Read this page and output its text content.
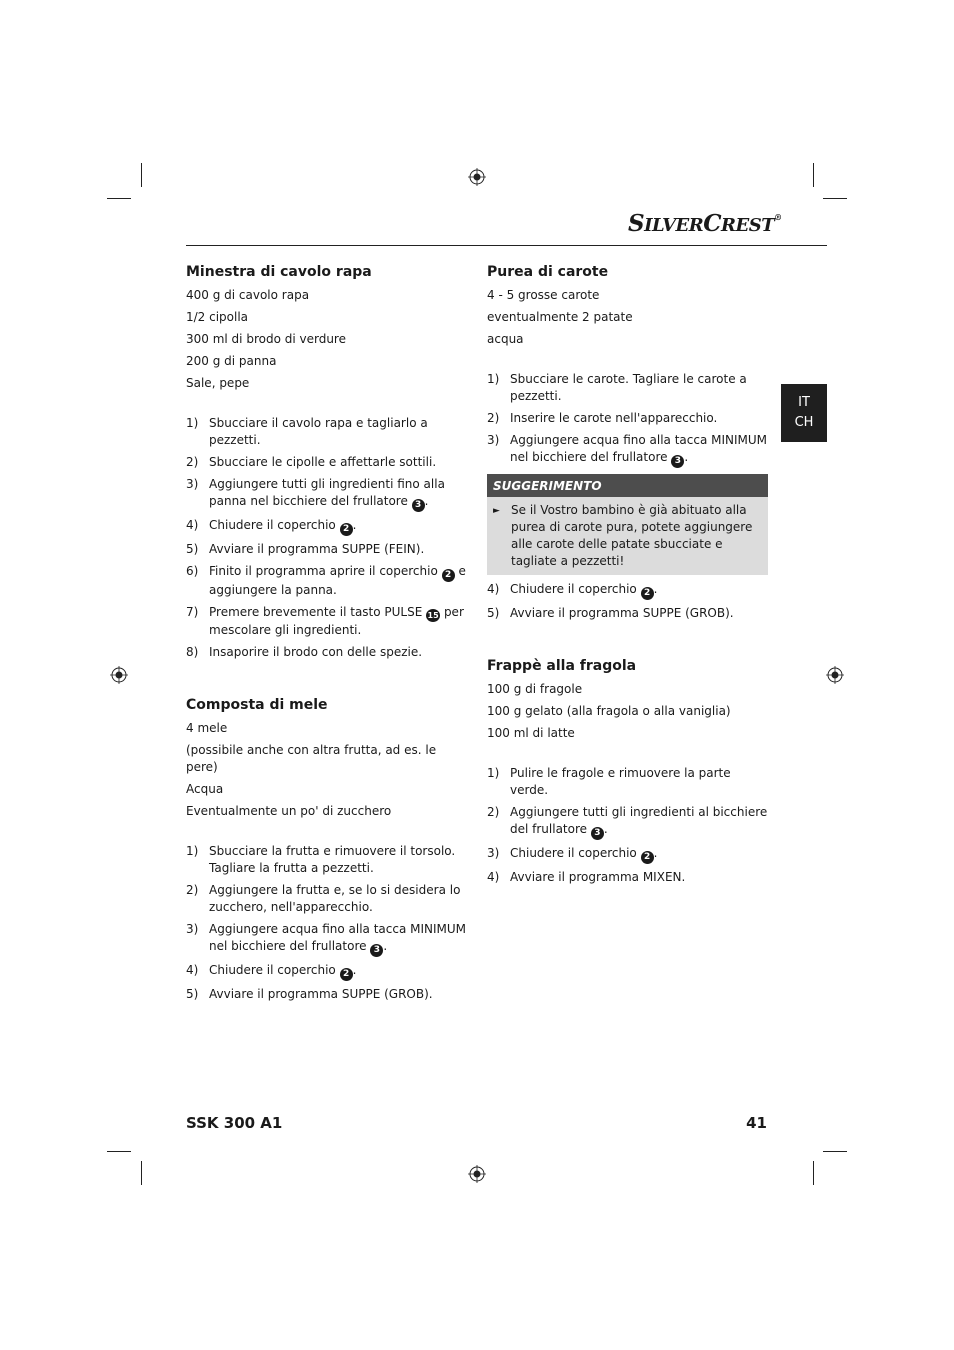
SILVERCREST®
IT
CH
Minestra di cavolo rapa
400 g di cavolo rapa
1/2 cipolla
300 ml di brodo di verdure
200 g di panna
Sale, pepe
1) Sbucciare il cavolo rapa e tagliarlo a pezzetti.
2) Sbucciare le cipolle e affettarle sottili.
3) Aggiungere tutti gli ingredienti fino alla panna nel bicchiere del frullatore 3 .
4) Chiudere il coperchio 2 .
5) Avviare il programma SUPPE (FEIN).
6) Finito il programma aprire il coperchio 2 e aggiungere la panna.
7) Premere brevemente il tasto PULSE 15 per mescolare gli ingredienti.
8) Insaporire il brodo con delle spezie.
Composta di mele
4 mele
(possibile anche con altra frutta, ad es. le pere)
Acqua
Eventualmente un po' di zucchero
1) Sbucciare la frutta e rimuovere il torsolo. Tagliare la frutta a pezzetti.
2) Aggiungere la frutta e, se lo si desidera lo zucchero, nell'apparecchio.
3) Aggiungere acqua fino alla tacca MINIMUM nel bicchiere del frullatore 3 .
4) Chiudere il coperchio 2 .
5) Avviare il programma SUPPE (GROB).
Purea di carote
4 - 5 grosse carote
eventualmente 2 patate
acqua
1) Sbucciare le carote. Tagliare le carote a pezzetti.
2) Inserire le carote nell'apparecchio.
3) Aggiungere acqua fino alla tacca MINIMUM nel bicchiere del frullatore 3 .
SUGGERIMENTO
► Se il Vostro bambino è già abituato alla purea di carote pura, potete aggiungere alle carote delle patate sbucciate e tagliate a pezzetti!
4) Chiudere il coperchio 2 .
5) Avviare il programma SUPPE (GROB).
Frappè alla fragola
100 g di fragole
100 g gelato (alla fragola o alla vaniglia)
100 ml di latte
1) Pulire le fragole e rimuovere la parte verde.
2) Aggiungere tutti gli ingredienti al bicchiere del frullatore 3 .
3) Chiudere il coperchio 2 .
4) Avviare il programma MIXEN.
SSK 300 A1	41
